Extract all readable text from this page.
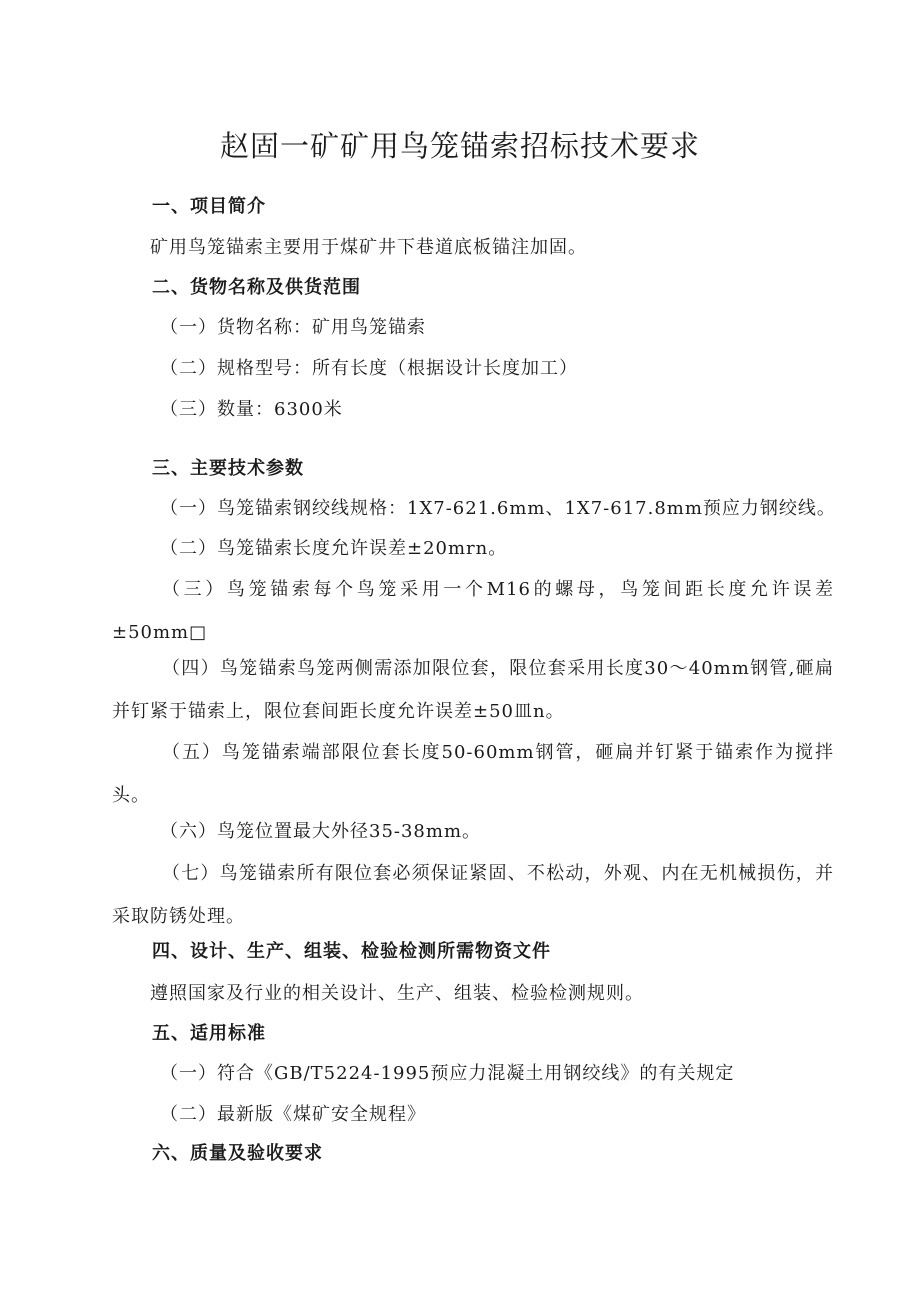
赵固一矿矿用鸟笼锚索招标技术要求

一、项目简介

矿用鸟笼锚索主要用于煤矿井下巷道底板锚注加固。

二、货物名称及供货范围

（一）货物名称：矿用鸟笼锚索

（二）规格型号：所有长度（根据设计长度加工）

（三）数量：6300米

三、主要技术参数

（一）鸟笼锚索钢绞线规格：1X7-621.6mm、1X7-617.8mm预应力钢绞线。

（二）鸟笼锚索长度允许误差±20mrn。

（三）鸟笼锚索每个鸟笼采用一个M16的螺母，鸟笼间距长度允许误差±50mm□

（四）鸟笼锚索鸟笼两侧需添加限位套，限位套采用长度30～40mm钢管,砸扁并钉紧于锚索上，限位套间距长度允许误差±50皿n。

（五）鸟笼锚索端部限位套长度50-60mm钢管，砸扁并钉紧于锚索作为搅拌头。

（六）鸟笼位置最大外径35-38mm。

（七）鸟笼锚索所有限位套必须保证紧固、不松动，外观、内在无机械损伤，并采取防锈处理。

四、设计、生产、组装、检验检测所需物资文件

遵照国家及行业的相关设计、生产、组装、检验检测规则。

五、适用标准

（一）符合《GB/T5224-1995预应力混凝土用钢绞线》的有关规定

（二）最新版《煤矿安全规程》

六、质量及验收要求
